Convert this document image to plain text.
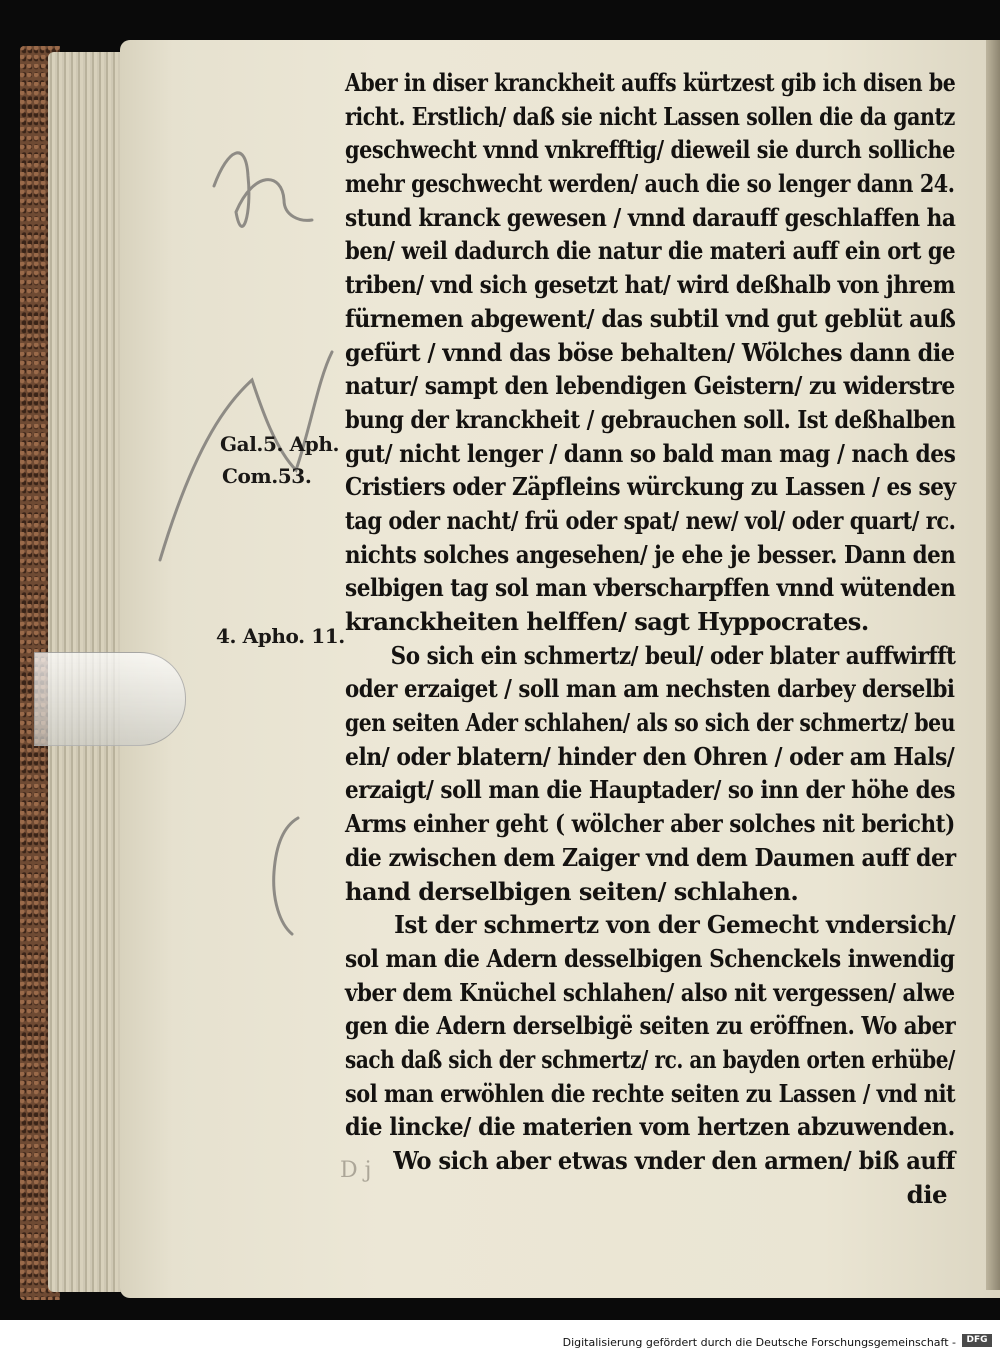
Aber in diser kranckheit auffs kürtzest gib ich disen be
richt. Erstlich/ daß sie nicht Lassen sollen die da gantz
geschwecht vnnd vnkrefftig/ dieweil sie durch solliche
mehr geschwecht werden/ auch die so lenger dann 24.
stund kranck gewesen / vnnd darauff geschlaffen ha
ben/ weil dadurch die natur die materi auff ein ort ge
triben/ vnd sich gesetzt hat/ wird deßhalb von jhrem
fürnemen abgewent/ das subtil vnd gut geblüt auß
gefürt / vnnd das böse behalten/ Wölches dann die
natur/ sampt den lebendigen Geistern/ zu widerstre
bung der kranckheit / gebrauchen soll. Ist deßhalben
gut/ nicht lenger / dann so bald man mag / nach des
Cristiers oder Zäpfleins würckung zu Lassen / es sey
tag oder nacht/ frü oder spat/ new/ vol/ oder quart/ rc.
nichts solches angesehen/ je ehe je besser. Dann den
selbigen tag sol man vberscharpffen vnnd wütenden
kranckheiten helffen/ sagt Hyppocrates.
So sich ein schmertz/ beul/ oder blater auffwirfft
oder erzaiget / soll man am nechsten darbey derselbi
gen seiten Ader schlahen/ als so sich der schmertz/ beu
eln/ oder blatern/ hinder den Ohren / oder am Hals/
erzaigt/ soll man die Hauptader/ so inn der höhe des
Arms einher geht ( wölcher aber solches nit bericht)
die zwischen dem Zaiger vnd dem Daumen auff der
hand derselbigen seiten/ schlahen.
Ist der schmertz von der Gemecht vndersich/
sol man die Adern desselbigen Schenckels inwendig
vber dem Knüchel schlahen/ also nit vergessen/ alwe
gen die Adern derselbigë seiten zu eröffnen. Wo aber
sach daß sich der schmertz/ rc. an bayden orten erhübe/
sol man erwöhlen die rechte seiten zu Lassen / vnd nit
die lincke/ die materien vom hertzen abzuwenden.
Wo sich aber etwas vnder den armen/ biß auff
die
Gal.5. Aph.
Com.53.
4. Apho. 11.
D j
Digitalisierung gefördert durch die Deutsche Forschungsgemeinschaft -	DFG
